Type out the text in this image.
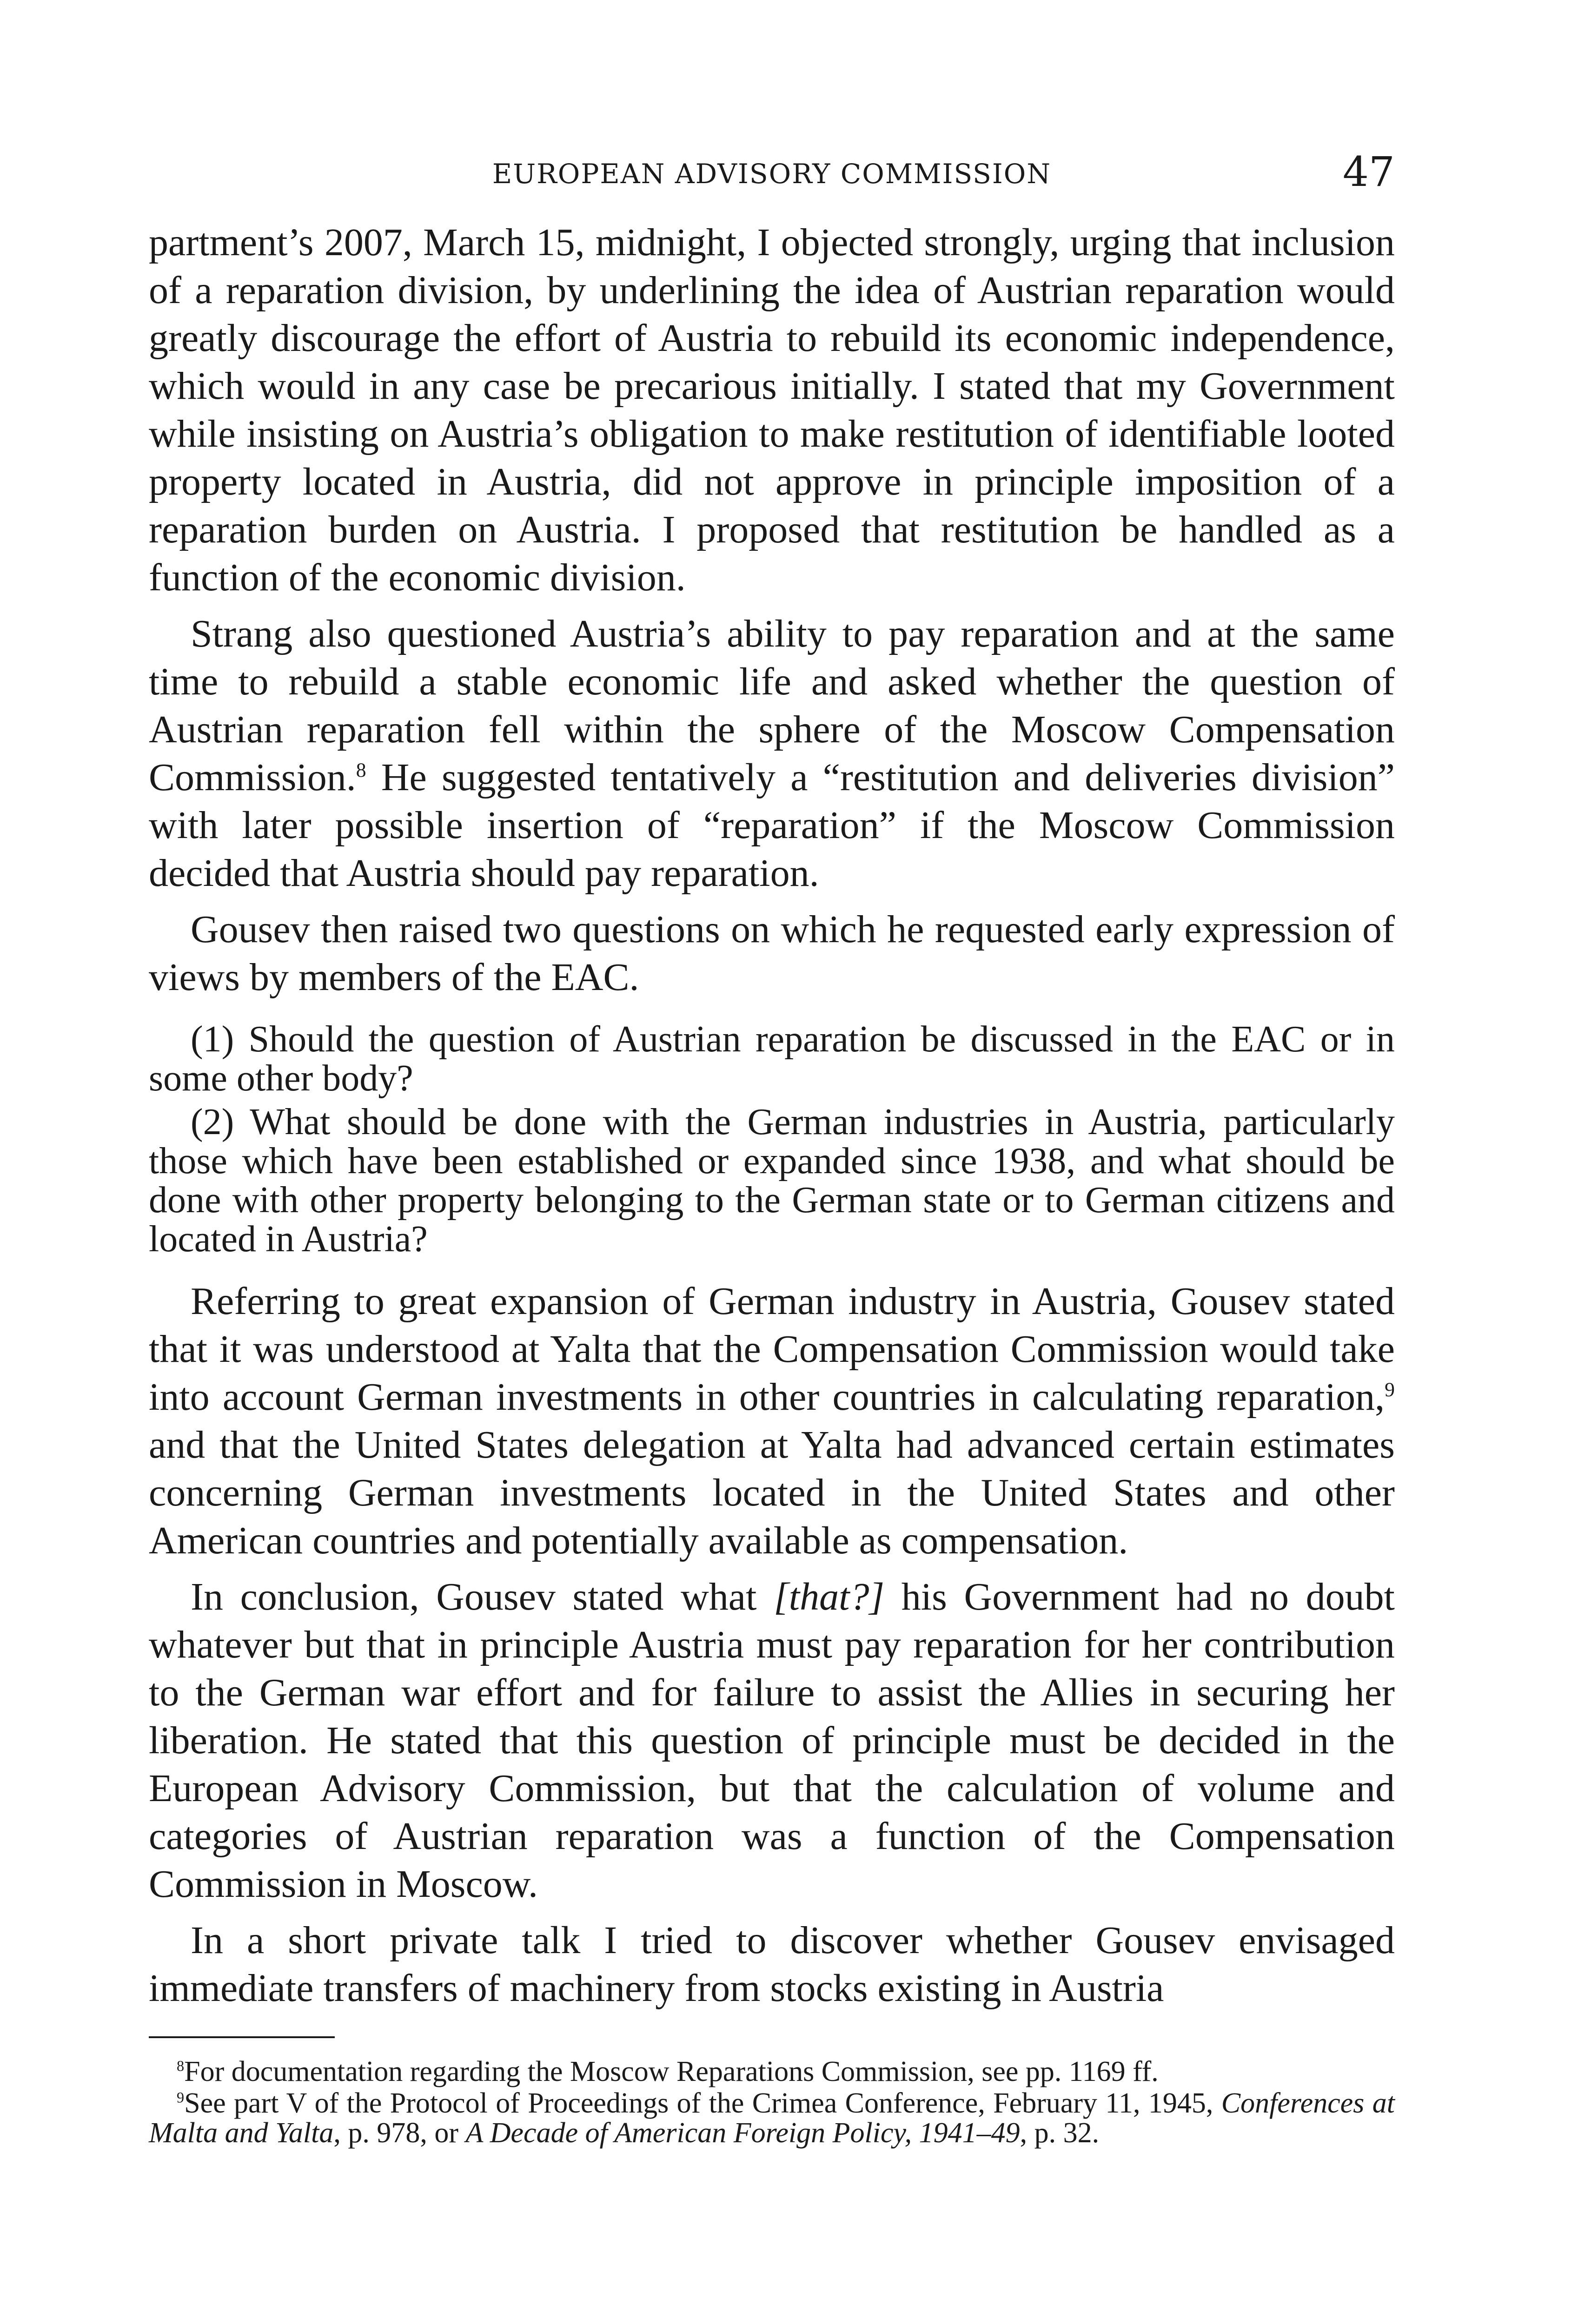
EUROPEAN ADVISORY COMMISSION	47

partment’s 2007, March 15, midnight, I objected strongly, urging that inclusion of a reparation division, by underlining the idea of Austrian reparation would greatly discourage the effort of Austria to rebuild its economic independence, which would in any case be precarious initially. I stated that my Government while insisting on Austria’s obligation to make restitution of identifiable looted property located in Austria, did not approve in principle imposition of a reparation burden on Austria. I proposed that restitution be handled as a function of the economic division.

Strang also questioned Austria’s ability to pay reparation and at the same time to rebuild a stable economic life and asked whether the question of Austrian reparation fell within the sphere of the Moscow Compensation Commission.$^8$ He suggested tentatively a “restitution and deliveries division” with later possible insertion of “reparation” if the Moscow Commission decided that Austria should pay reparation.

Gousev then raised two questions on which he requested early expression of views by members of the EAC.

(1) Should the question of Austrian reparation be discussed in the EAC or in some other body?

(2) What should be done with the German industries in Austria, particularly those which have been established or expanded since 1938, and what should be done with other property belonging to the German state or to German citizens and located in Austria?

Referring to great expansion of German industry in Austria, Gousev stated that it was understood at Yalta that the Compensation Commission would take into account German investments in other countries in calculating reparation,$^9$ and that the United States delegation at Yalta had advanced certain estimates concerning German investments located in the United States and other American countries and potentially available as compensation.

In conclusion, Gousev stated what [that?] his Government had no doubt whatever but that in principle Austria must pay reparation for her contribution to the German war effort and for failure to assist the Allies in securing her liberation. He stated that this question of principle must be decided in the European Advisory Commission, but that the calculation of volume and categories of Austrian reparation was a function of the Compensation Commission in Moscow.

In a short private talk I tried to discover whether Gousev envisaged immediate transfers of machinery from stocks existing in Austria

$^8$For documentation regarding the Moscow Reparations Commission, see pp. 1169 ff.

$^9$See part V of the Protocol of Proceedings of the Crimea Conference, February 11, 1945, Conferences at Malta and Yalta, p. 978, or A Decade of American Foreign Policy, 1941–49, p. 32.
